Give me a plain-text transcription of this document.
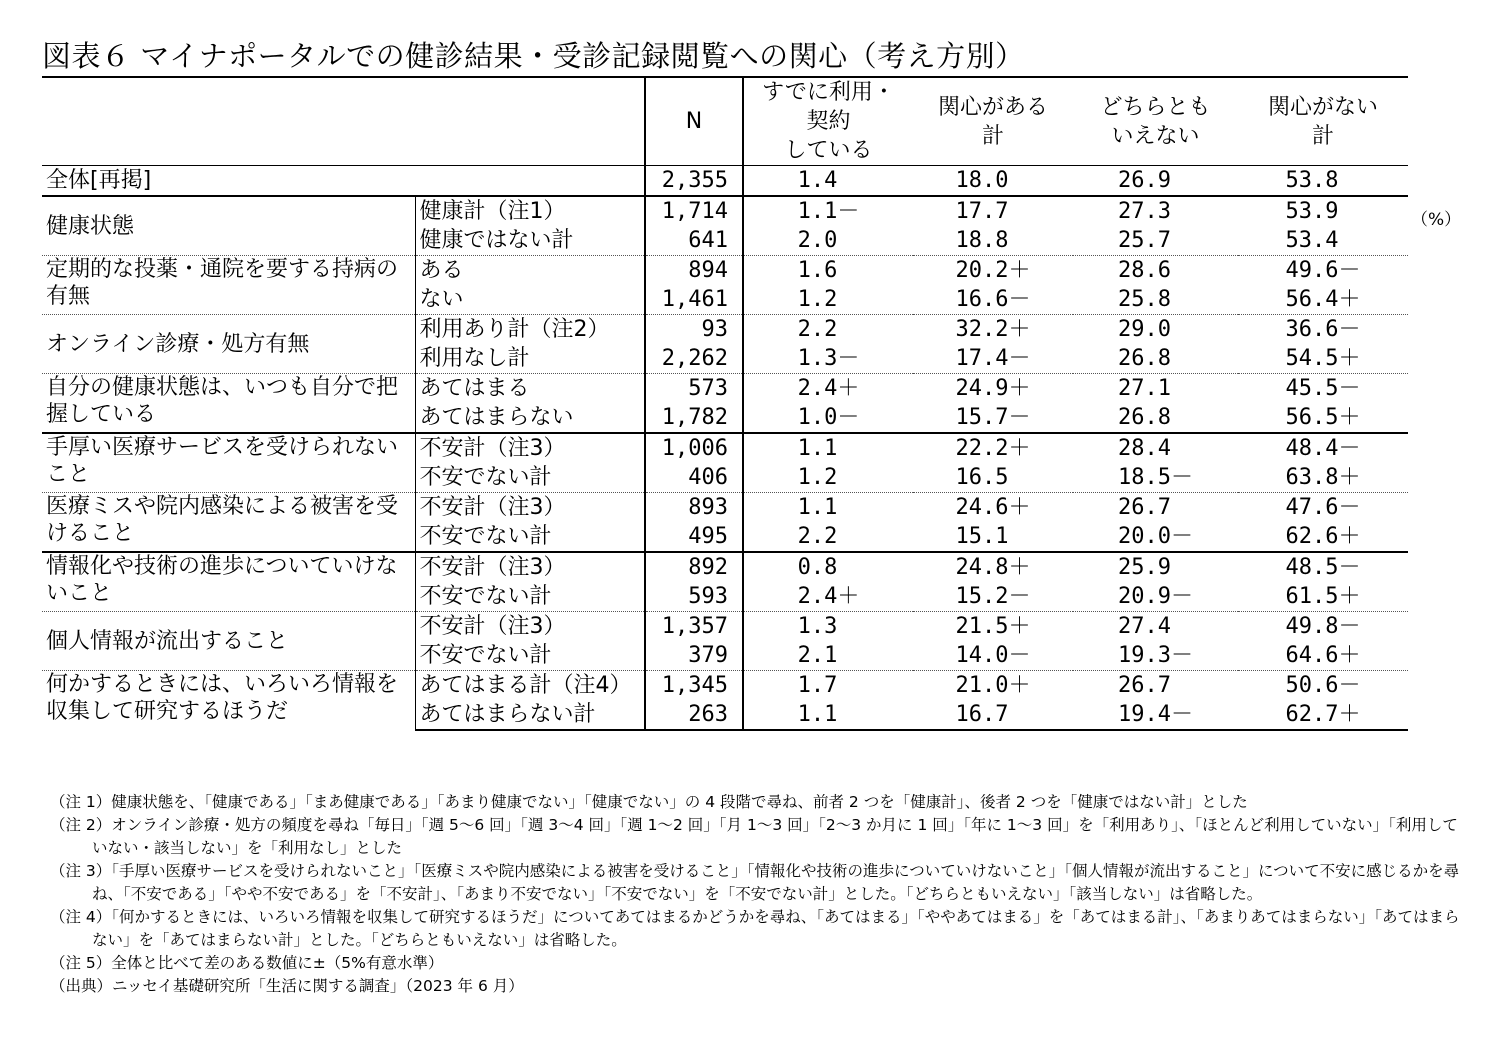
図表６ マイナポータルでの健診結果・受診記録閲覧への関心（考え方別）
		N	すでに利用・
契約
している	関心がある
計	どちらとも
いえない	関心がない
計
全体[再掲]		2,355	1.4	18.0	26.9	53.8
健康状態	健康計（注1）	1,714	1.1－	17.7	27.3	53.9
	健康ではない計	641	2.0	18.8	25.7	53.4
定期的な投薬・通院を要する持病の有無	ある	894	1.6	20.2＋	28.6	49.6－
	ない	1,461	1.2	16.6－	25.8	56.4＋
オンライン診療・処方有無	利用あり計（注2）	93	2.2	32.2＋	29.0	36.6－
	利用なし計	2,262	1.3－	17.4－	26.8	54.5＋
自分の健康状態は、いつも自分で把握している	あてはまる	573	2.4＋	24.9＋	27.1	45.5－
	あてはまらない	1,782	1.0－	15.7－	26.8	56.5＋
手厚い医療サービスを受けられないこと	不安計（注3）	1,006	1.1	22.2＋	28.4	48.4－
	不安でない計	406	1.2	16.5	18.5－	63.8＋
医療ミスや院内感染による被害を受けること	不安計（注3）	893	1.1	24.6＋	26.7	47.6－
	不安でない計	495	2.2	15.1	20.0－	62.6＋
情報化や技術の進歩についていけないこと	不安計（注3）	892	0.8	24.8＋	25.9	48.5－
	不安でない計	593	2.4＋	15.2－	20.9－	61.5＋
個人情報が流出すること	不安計（注3）	1,357	1.3	21.5＋	27.4	49.8－
	不安でない計	379	2.1	14.0－	19.3－	64.6＋
何かするときには、いろいろ情報を収集して研究するほうだ	あてはまる計（注4）	1,345	1.7	21.0＋	26.7	50.6－
	あてはまらない計	263	1.1	16.7	19.4－	62.7＋
（%）
（注 1）健康状態を、「健康である」「まあ健康である」「あまり健康でない」「健康でない」の 4 段階で尋ね、前者 2 つを「健康計」、後者 2 つを「健康ではない計」とした
（注 2）オンライン診療・処方の頻度を尋ね「毎日」「週 5～6 回」「週 3～4 回」「週 1～2 回」「月 1～3 回」「2～3 か月に 1 回」「年に 1～3 回」を「利用あり」、「ほとんど利用していない」「利用していない・該当しない」を「利用なし」とした
（注 3）「手厚い医療サービスを受けられないこと」「医療ミスや院内感染による被害を受けること」「情報化や技術の進歩についていけないこと」「個人情報が流出すること」について不安に感じるかを尋ね、「不安である」「やや不安である」を「不安計」、「あまり不安でない」「不安でない」を「不安でない計」とした。「どちらともいえない」「該当しない」は省略した。
（注 4）「何かするときには、いろいろ情報を収集して研究するほうだ」についてあてはまるかどうかを尋ね、「あてはまる」「ややあてはまる」を「あてはまる計」、「あまりあてはまらない」「あてはまらない」を「あてはまらない計」とした。「どちらともいえない」は省略した。
（注 5）全体と比べて差のある数値に±（5%有意水準）
（出典）ニッセイ基礎研究所「生活に関する調査」（2023 年 6 月）
